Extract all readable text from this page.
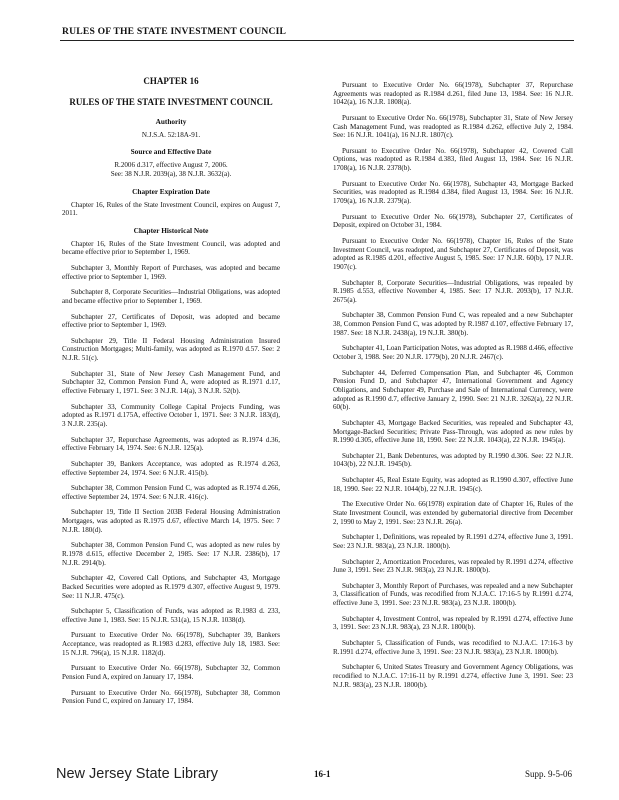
RULES OF THE STATE INVESTMENT COUNCIL
CHAPTER 16
RULES OF THE STATE INVESTMENT COUNCIL
Authority
N.J.S.A. 52:18A-91.
Source and Effective Date
R.2006 d.317, effective August 7, 2006.
See: 38 N.J.R. 2039(a), 38 N.J.R. 3632(a).
Chapter Expiration Date

Chapter 16, Rules of the State Investment Council, expires on August 7, 2011.

Chapter Historical Note

Chapter 16, Rules of the State Investment Council, was adopted and became effective prior to September 1, 1969.

Subchapter 3, Monthly Report of Purchases, was adopted and became effective prior to September 1, 1969.

Subchapter 8, Corporate Securities—Industrial Obligations, was adopted and became effective prior to September 1, 1969.

Subchapter 27, Certificates of Deposit, was adopted and became effective prior to September 1, 1969.

Subchapter 29, Title II Federal Housing Administration Insured Construction Mortgages; Multi-family, was adopted as R.1970 d.57. See: 2 N.J.R. 51(c).

Subchapter 31, State of New Jersey Cash Management Fund, and Subchapter 32, Common Pension Fund A, were adopted as R.1971 d.17, effective February 1, 1971. See: 3 N.J.R. 14(a), 3 N.J.R. 52(b).

Subchapter 33, Community College Capital Projects Funding, was adopted as R.1971 d.175A, effective October 1, 1971. See: 3 N.J.R. 183(d), 3 N.J.R. 235(a).

Subchapter 37, Repurchase Agreements, was adopted as R.1974 d.36, effective February 14, 1974. See: 6 N.J.R. 125(a).

Subchapter 39, Bankers Acceptance, was adopted as R.1974 d.263, effective September 24, 1974. See: 6 N.J.R. 415(b).

Subchapter 38, Common Pension Fund C, was adopted as R.1974 d.266, effective September 24, 1974. See: 6 N.J.R. 416(c).

Subchapter 19, Title II Section 203B Federal Housing Administration Mortgages, was adopted as R.1975 d.67, effective March 14, 1975. See: 7 N.J.R. 180(d).

Subchapter 38, Common Pension Fund C, was adopted as new rules by R.1978 d.615, effective December 2, 1985. See: 17 N.J.R. 2386(b), 17 N.J.R. 2914(b).

Subchapter 42, Covered Call Options, and Subchapter 43, Mortgage Backed Securities were adopted as R.1979 d.307, effective August 9, 1979. See: 11 N.J.R. 475(c).

Subchapter 5, Classification of Funds, was adopted as R.1983 d. 233, effective June 1, 1983. See: 15 N.J.R. 531(a), 15 N.J.R. 1038(d).

Pursuant to Executive Order No. 66(1978), Subchapter 39, Bankers Acceptance, was readopted as R.1983 d.283, effective July 18, 1983. See: 15 N.J.R. 796(a), 15 N.J.R. 1182(d).

Pursuant to Executive Order No. 66(1978), Subchapter 32, Common Pension Fund A, expired on January 17, 1984.

Pursuant to Executive Order No. 66(1978), Subchapter 38, Common Pension Fund C, expired on January 17, 1984.

Pursuant to Executive Order No. 66(1978), Subchapter 37, Repurchase Agreements was readopted as R.1984 d.261, filed June 13, 1984. See: 16 N.J.R. 1042(a), 16 N.J.R. 1808(a).

Pursuant to Executive Order No. 66(1978), Subchapter 31, State of New Jersey Cash Management Fund, was readopted as R.1984 d.262, effective July 2, 1984. See: 16 N.J.R. 1041(a), 16 N.J.R. 1807(c).

Pursuant to Executive Order No. 66(1978), Subchapter 42, Covered Call Options, was readopted as R.1984 d.383, filed August 13, 1984. See: 16 N.J.R. 1708(a), 16 N.J.R. 2378(b).

Pursuant to Executive Order No. 66(1978), Subchapter 43, Mortgage Backed Securities, was readopted as R.1984 d.384, filed August 13, 1984. See: 16 N.J.R. 1709(a), 16 N.J.R. 2379(a).

Pursuant to Executive Order No. 66(1978), Subchapter 27, Certificates of Deposit, expired on October 31, 1984.

Pursuant to Executive Order No. 66(1978), Chapter 16, Rules of the State Investment Council, was readopted, and Subchapter 27, Certificates of Deposit, was adopted as R.1985 d.201, effective August 5, 1985. See: 17 N.J.R. 60(b), 17 N.J.R. 1907(c).

Subchapter 8, Corporate Securities—Industrial Obligations, was repealed by R.1985 d.553, effective November 4, 1985. See: 17 N.J.R. 2093(b), 17 N.J.R. 2675(a).

Subchapter 38, Common Pension Fund C, was repealed and a new Subchapter 38, Common Pension Fund C, was adopted by R.1987 d.107, effective February 17, 1987. See: 18 N.J.R. 2438(a), 19 N.J.R. 380(b).

Subchapter 41, Loan Participation Notes, was adopted as R.1988 d.466, effective October 3, 1988. See: 20 N.J.R. 1779(b), 20 N.J.R. 2467(c).

Subchapter 44, Deferred Compensation Plan, and Subchapter 46, Common Pension Fund D, and Subchapter 47, International Government and Agency Obligations, and Subchapter 49, Purchase and Sale of International Currency, were adopted as R.1990 d.7, effective January 2, 1990. See: 21 N.J.R. 3262(a), 22 N.J.R. 60(b).

Subchapter 43, Mortgage Backed Securities, was repealed and Subchapter 43, Mortgage-Backed Securities; Private Pass-Through, was adopted as new rules by R.1990 d.305, effective June 18, 1990. See: 22 N.J.R. 1043(a), 22 N.J.R. 1945(a).

Subchapter 21, Bank Debentures, was adopted by R.1990 d.306. See: 22 N.J.R. 1043(b), 22 N.J.R. 1945(b).

Subchapter 45, Real Estate Equity, was adopted as R.1990 d.307, effective June 18, 1990. See: 22 N.J.R. 1044(b), 22 N.J.R. 1945(c).

The Executive Order No. 66(1978) expiration date of Chapter 16, Rules of the State Investment Council, was extended by gubernatorial directive from December 2, 1990 to May 2, 1991. See: 23 N.J.R. 26(a).

Subchapter 1, Definitions, was repealed by R.1991 d.274, effective June 3, 1991. See: 23 N.J.R. 983(a), 23 N.J.R. 1800(b).

Subchapter 2, Amortization Procedures, was repealed by R.1991 d.274, effective June 3, 1991. See: 23 N.J.R. 983(a), 23 N.J.R. 1800(b).

Subchapter 3, Monthly Report of Purchases, was repealed and a new Subchapter 3, Classification of Funds, was recodified from N.J.A.C. 17:16-5 by R.1991 d.274, effective June 3, 1991. See: 23 N.J.R. 983(a), 23 N.J.R. 1800(b).

Subchapter 4, Investment Control, was repealed by R.1991 d.274, effective June 3, 1991. See: 23 N.J.R. 983(a), 23 N.J.R. 1800(b).

Subchapter 5, Classification of Funds, was recodified to N.J.A.C. 17:16-3 by R.1991 d.274, effective June 3, 1991. See: 23 N.J.R. 983(a), 23 N.J.R. 1800(b).

Subchapter 6, United States Treasury and Government Agency Obligations, was recodified to N.J.A.C. 17:16-11 by R.1991 d.274, effective June 3, 1991. See: 23 N.J.R. 983(a), 23 N.J.R. 1800(b).

New Jersey State Library	16-1	Supp. 9-5-06
